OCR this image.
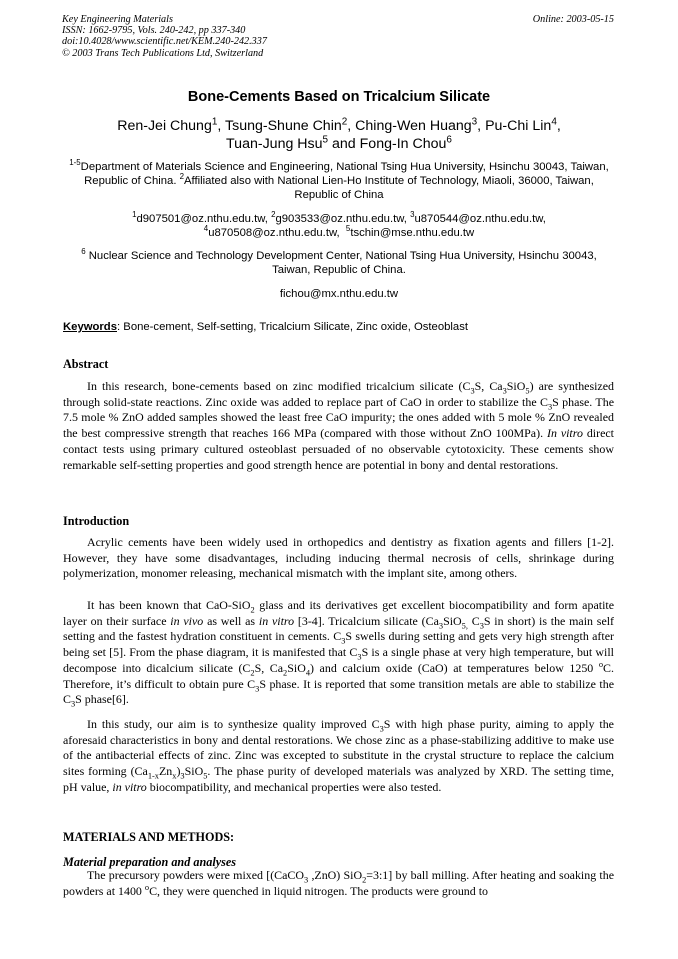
Key Engineering Materials
ISSN: 1662-9795, Vols. 240-242, pp 337-340
doi:10.4028/www.scientific.net/KEM.240-242.337
© 2003 Trans Tech Publications Ltd, Switzerland
Online: 2003-05-15
Bone-Cements Based on Tricalcium Silicate
Ren-Jei Chung$^1$, Tsung-Shune Chin$^2$, Ching-Wen Huang$^3$, Pu-Chi Lin$^4$,
Tuan-Jung Hsu$^5$ and Fong-In Chou$^6$
$^{1-5}$Department of Materials Science and Engineering, National Tsing Hua University, Hsinchu 30043, Taiwan, Republic of China. $^2$Affiliated also with National Lien-Ho Institute of Technology, Miaoli, 36000, Taiwan, Republic of China
$^1$d907501@oz.nthu.edu.tw, $^2$g903533@oz.nthu.edu.tw, $^3$u870544@oz.nthu.edu.tw,
$^4$u870508@oz.nthu.edu.tw, $^5$tschin@mse.nthu.edu.tw
$^6$ Nuclear Science and Technology Development Center, National Tsing Hua University, Hsinchu 30043, Taiwan, Republic of China.
fichou@mx.nthu.edu.tw
Keywords: Bone-cement, Self-setting, Tricalcium Silicate, Zinc oxide, Osteoblast
Abstract
In this research, bone-cements based on zinc modified tricalcium silicate ($C_3S$, $Ca_3SiO_5$) are synthesized through solid-state reactions. Zinc oxide was added to replace part of CaO in order to stabilize the $C_3S$ phase. The 7.5 mole % ZnO added samples showed the least free CaO impurity; the ones added with 5 mole % ZnO revealed the best compressive strength that reaches 166 MPa (compared with those without ZnO 100MPa). In vitro direct contact tests using primary cultured osteoblast persuaded of no observable cytotoxicity. These cements show remarkable self-setting properties and good strength hence are potential in bony and dental restorations.
Introduction
Acrylic cements have been widely used in orthopedics and dentistry as fixation agents and fillers [1-2]. However, they have some disadvantages, including inducing thermal necrosis of cells, shrinkage during polymerization, monomer releasing, mechanical mismatch with the implant site, among others.
It has been known that CaO-SiO$_2$ glass and its derivatives get excellent biocompatibility and form apatite layer on their surface in vivo as well as in vitro [3-4]. Tricalcium silicate ($Ca_3SiO_{5,}$ $C_3S$ in short) is the main self setting and the fastest hydration constituent in cements. $C_3S$ swells during setting and gets very high strength after being set [5]. From the phase diagram, it is manifested that $C_3S$ is a single phase at very high temperature, but will decompose into dicalcium silicate ($C_2S$, $Ca_2SiO_4$) and calcium oxide (CaO) at temperatures below 1250 $^o$C. Therefore, it’s difficult to obtain pure $C_3S$ phase. It is reported that some transition metals are able to stabilize the $C_3S$ phase[6].
In this study, our aim is to synthesize quality improved $C_3S$ with high phase purity, aiming to apply the aforesaid characteristics in bony and dental restorations. We chose zinc as a phase-stabilizing additive to make use of the antibacterial effects of zinc. Zinc was excepted to substitute in the crystal structure to replace the calcium sites forming $(Ca_{1-x}Zn_x)_3SiO_5$. The phase purity of developed materials was analyzed by XRD. The setting time, pH value, in vitro biocompatibility, and mechanical properties were also tested.
MATERIALS AND METHODS:
Material preparation and analyses
The precursory powders were mixed [(CaCO$_3$ ,ZnO) SiO$_2$=3:1] by ball milling. After heating and soaking the powders at 1400 $^o$C, they were quenched in liquid nitrogen. The products were ground to
